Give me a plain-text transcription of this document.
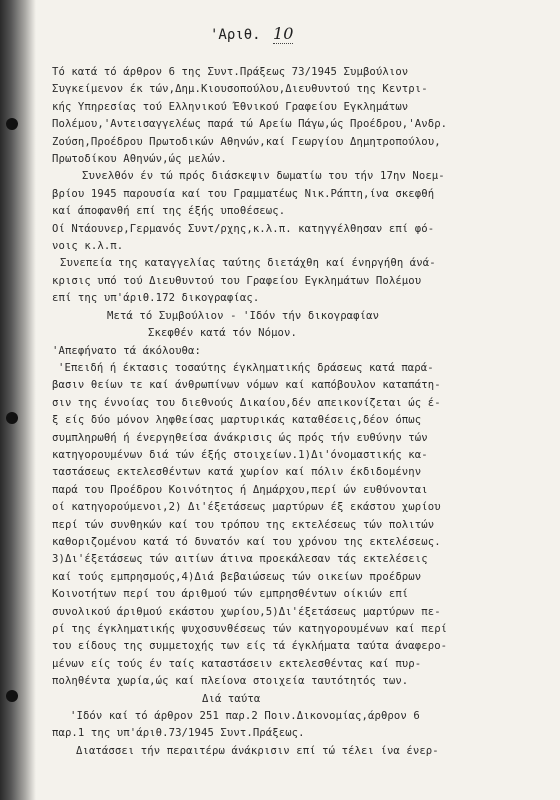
'Αριθ. 10
Τό κατά τό άρθρον 6 της Συντ.Πράξεως 73/1945 Συμβούλιον
Συγκείμενον έκ τών,Δημ.Κιουσοπούλου,Διευθυντού της Κεντρι-
κής Υπηρεσίας τού Ελληνικού Έθνικού Γραφείου Εγκλημάτων
Πολέμου,'Αντεισαγγελέως παρά τώ Αρείω Πάγω,ώς Προέδρου,'Ανδρ.
Ζούση,Προέδρου Πρωτοδικών Αθηνών,καί Γεωργίου Δημητροπούλου,
Πρωτοδίκου Αθηνών,ώς μελών.
Συνελθόν έν τώ πρός διάσκεψιν δωματίω του τήν 17ην Νοεμ-
βρίου 1945 παρουσία καί του Γραμματέως Νικ.Ράπτη,ίνα σκεφθή
καί άποφανθή επί της έξής υποθέσεως.
Οί Ντάουνερ,Γερμανός Συντ/ρχης,κ.λ.π. κατηγγέλθησαν επί φό-
νοις κ.λ.π.
Συνεπεία της καταγγελίας ταύτης διετάχθη καί ένηργήθη άνά-
κρισις υπό τού Διευθυντού του Γραφείου Εγκλημάτων Πολέμου
επί της υπ'άριθ.172 δικογραφίας.
Μετά τό Συμβούλιον - 'Ιδόν τήν δικογραφίαν
Σκεφθέν κατά τόν Νόμον.
'Απεφήνατο τά άκόλουθα:
'Επειδή ή έκτασις τοσαύτης έγκληματικής δράσεως κατά παρά-
βασιν θείων τε καί άνθρωπίνων νόμων καί καπόβουλον καταπάτη-
σιν της έννοίας του διεθνούς Δικαίου,δέν απεικονίζεται ώς έ-
ξ είς δύο μόνον ληφθείσας μαρτυρικάς καταθέσεις,δέον όπως
συμπληρωθή ή ένεργηθείσα άνάκρισις ώς πρός τήν ευθύνην τών
κατηγορουμένων διά τών έξής στοιχείων.1)Δι'όνομαστικής κα-
ταστάσεως εκτελεσθέντων κατά χωρίον καί πόλιν έκδιδομένην
παρά του Προέδρου Κοινότητος ή Δημάρχου,περί ών ευθύνονται
οί κατηγορούμενοι,2) Δι'έξετάσεως μαρτύρων έξ εκάστου χωρίου
περί τών συνθηκών καί του τρόπου της εκτελέσεως τών πολιτών
καθοριζομένου κατά τό δυνατόν καί του χρόνου της εκτελέσεως.
3)Δι'έξετάσεως τών αιτίων άτινα προεκάλεσαν τάς εκτελέσεις
καί τούς εμπρησμούς,4)Διά βεβαιώσεως τών οικείων προέδρων
Κοινοτήτων περί του άριθμού τών εμπρησθέντων οίκιών επί
συνολικού άριθμού εκάστου χωρίου,5)Δι'έξετάσεως μαρτύρων πε-
ρί της έγκληματικής ψυχοσυνθέσεως τών κατηγορουμένων καί περί
του είδους της συμμετοχής των είς τά έγκλήματα ταύτα άναφερο-
μένων είς τούς έν ταίς καταστάσειν εκτελεσθέντας καί πυρ-
ποληθέντα χωρία,ώς καί πλείονα στοιχεία ταυτότητός των.
Διά ταύτα
'Ιδόν καί τό άρθρον 251 παρ.2 Ποιν.Δικονομίας,άρθρον 6
παρ.1 της υπ'άριθ.73/1945 Συντ.Πράξεως.
Διατάσσει τήν περαιτέρω άνάκρισιν επί τώ τέλει ίνα ένερ-
